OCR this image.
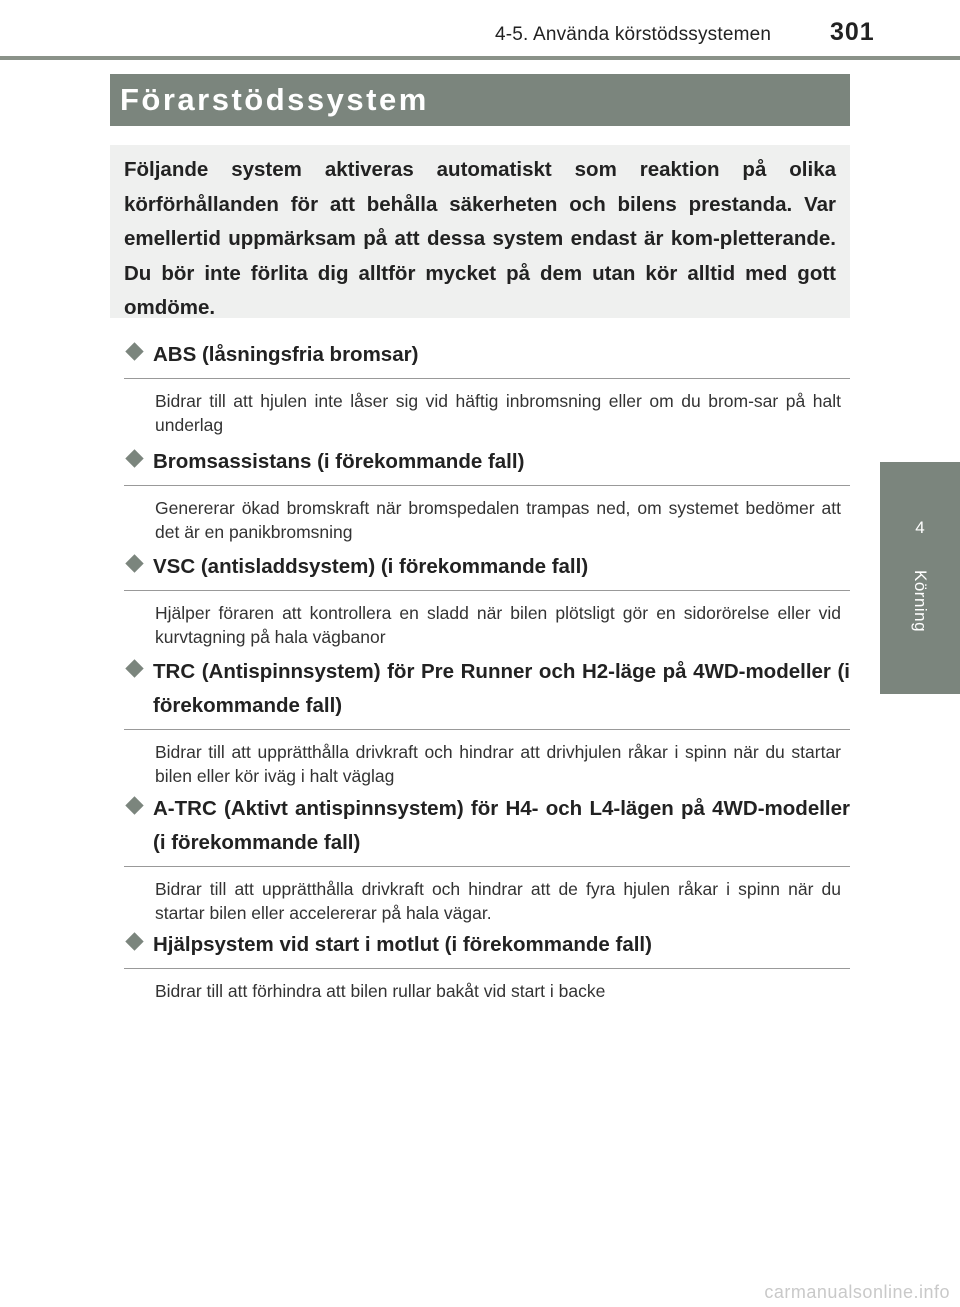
4-5. Använda körstödssystemen 301
4
Körning
Förarstödssystem
Följande system aktiveras automatiskt som reaktion på olika körförhållanden för att behålla säkerheten och bilens prestanda. Var emellertid uppmärksam på att dessa system endast är kom-pletterande. Du bör inte förlita dig alltför mycket på dem utan kör alltid med gott omdöme.
ABS (låsningsfria bromsar)
Bidrar till att hjulen inte låser sig vid häftig inbromsning eller om du brom-sar på halt underlag
Bromsassistans (i förekommande fall)
Genererar ökad bromskraft när bromspedalen trampas ned, om systemet bedömer att det är en panikbromsning
VSC (antisladdsystem) (i förekommande fall)
Hjälper föraren att kontrollera en sladd när bilen plötsligt gör en sidorörelse eller vid kurvtagning på hala vägbanor
TRC (Antispinnsystem) för Pre Runner och H2-läge på 4WD-modeller (i förekommande fall)
Bidrar till att upprätthålla drivkraft och hindrar att drivhjulen råkar i spinn när du startar bilen eller kör iväg i halt väglag
A-TRC (Aktivt antispinnsystem) för H4- och L4-lägen på 4WD-modeller (i förekommande fall)
Bidrar till att upprätthålla drivkraft och hindrar att de fyra hjulen råkar i spinn när du startar bilen eller accelererar på hala vägar.
Hjälpsystem vid start i motlut (i förekommande fall)
Bidrar till att förhindra att bilen rullar bakåt vid start i backe
carmanualsonline.info
